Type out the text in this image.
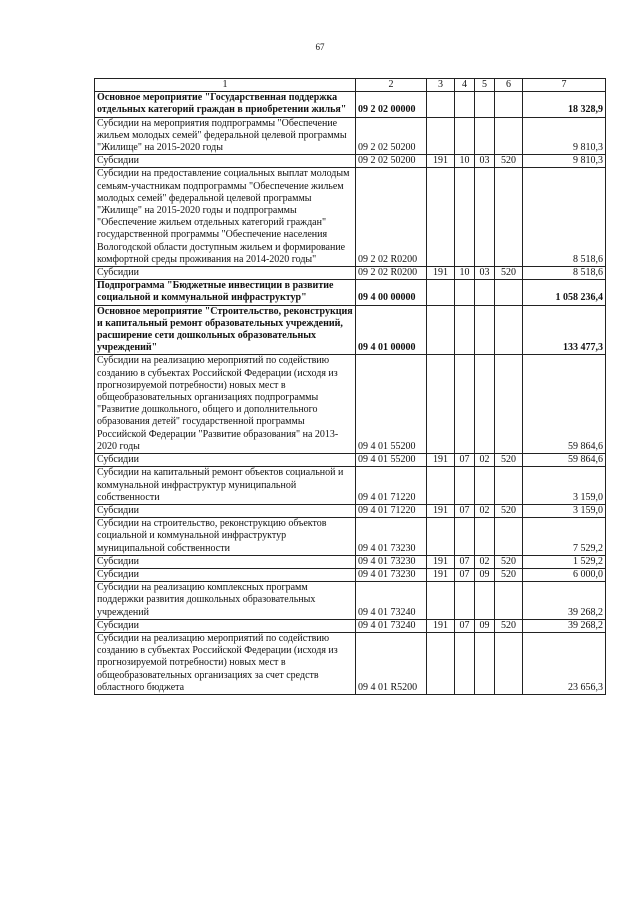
67
1	2	3	4	5	6	7
Основное мероприятие "Государственная поддержка отдельных категорий граждан в приобретении жилья"	09 2 02 00000					18 328,9
Субсидии на мероприятия подпрограммы "Обеспечение жильем молодых семей" федеральной целевой программы "Жилище" на 2015-2020 годы	09 2 02 50200					9 810,3
Субсидии	09 2 02 50200	191	10	03	520	9 810,3
Субсидии на предоставление социальных выплат молодым семьям-участникам подпрограммы "Обеспечение жильем молодых семей" федеральной целевой программы "Жилище" на 2015-2020 годы и подпрограммы "Обеспечение жильем отдельных категорий граждан" государственной программы "Обеспечение населения Вологодской области доступным жильем и формирование комфортной среды проживания на 2014-2020 годы"	09 2 02 R0200					8 518,6
Субсидии	09 2 02 R0200	191	10	03	520	8 518,6
Подпрограмма "Бюджетные инвестиции в развитие социальной и коммунальной инфраструктур"	09 4 00 00000					1 058 236,4
Основное мероприятие "Строительство, реконструкция и капитальный ремонт образовательных учреждений, расширение сети дошкольных образовательных учреждений"	09 4 01 00000					133 477,3
Субсидии на реализацию мероприятий по содействию созданию в субъектах Российской Федерации (исходя из прогнозируемой потребности) новых мест в общеобразовательных организациях подпрограммы "Развитие дошкольного, общего и дополнительного образования детей" государственной программы Российской Федерации "Развитие образования" на 2013-2020 годы	09 4 01 55200					59 864,6
Субсидии	09 4 01 55200	191	07	02	520	59 864,6
Субсидии на капитальный ремонт объектов социальной и коммунальной инфраструктур муниципальной собственности	09 4 01 71220					3 159,0
Субсидии	09 4 01 71220	191	07	02	520	3 159,0
Субсидии на строительство, реконструкцию объектов социальной и коммунальной инфраструктур муниципальной собственности	09 4 01 73230					7 529,2
Субсидии	09 4 01 73230	191	07	02	520	1 529,2
Субсидии	09 4 01 73230	191	07	09	520	6 000,0
Субсидии на реализацию комплексных программ поддержки развития дошкольных образовательных учреждений	09 4 01 73240					39 268,2
Субсидии	09 4 01 73240	191	07	09	520	39 268,2
Субсидии на реализацию мероприятий по содействию созданию в субъектах Российской Федерации (исходя из прогнозируемой потребности) новых мест в общеобразовательных организациях за счет средств областного бюджета	09 4 01 R5200					23 656,3
